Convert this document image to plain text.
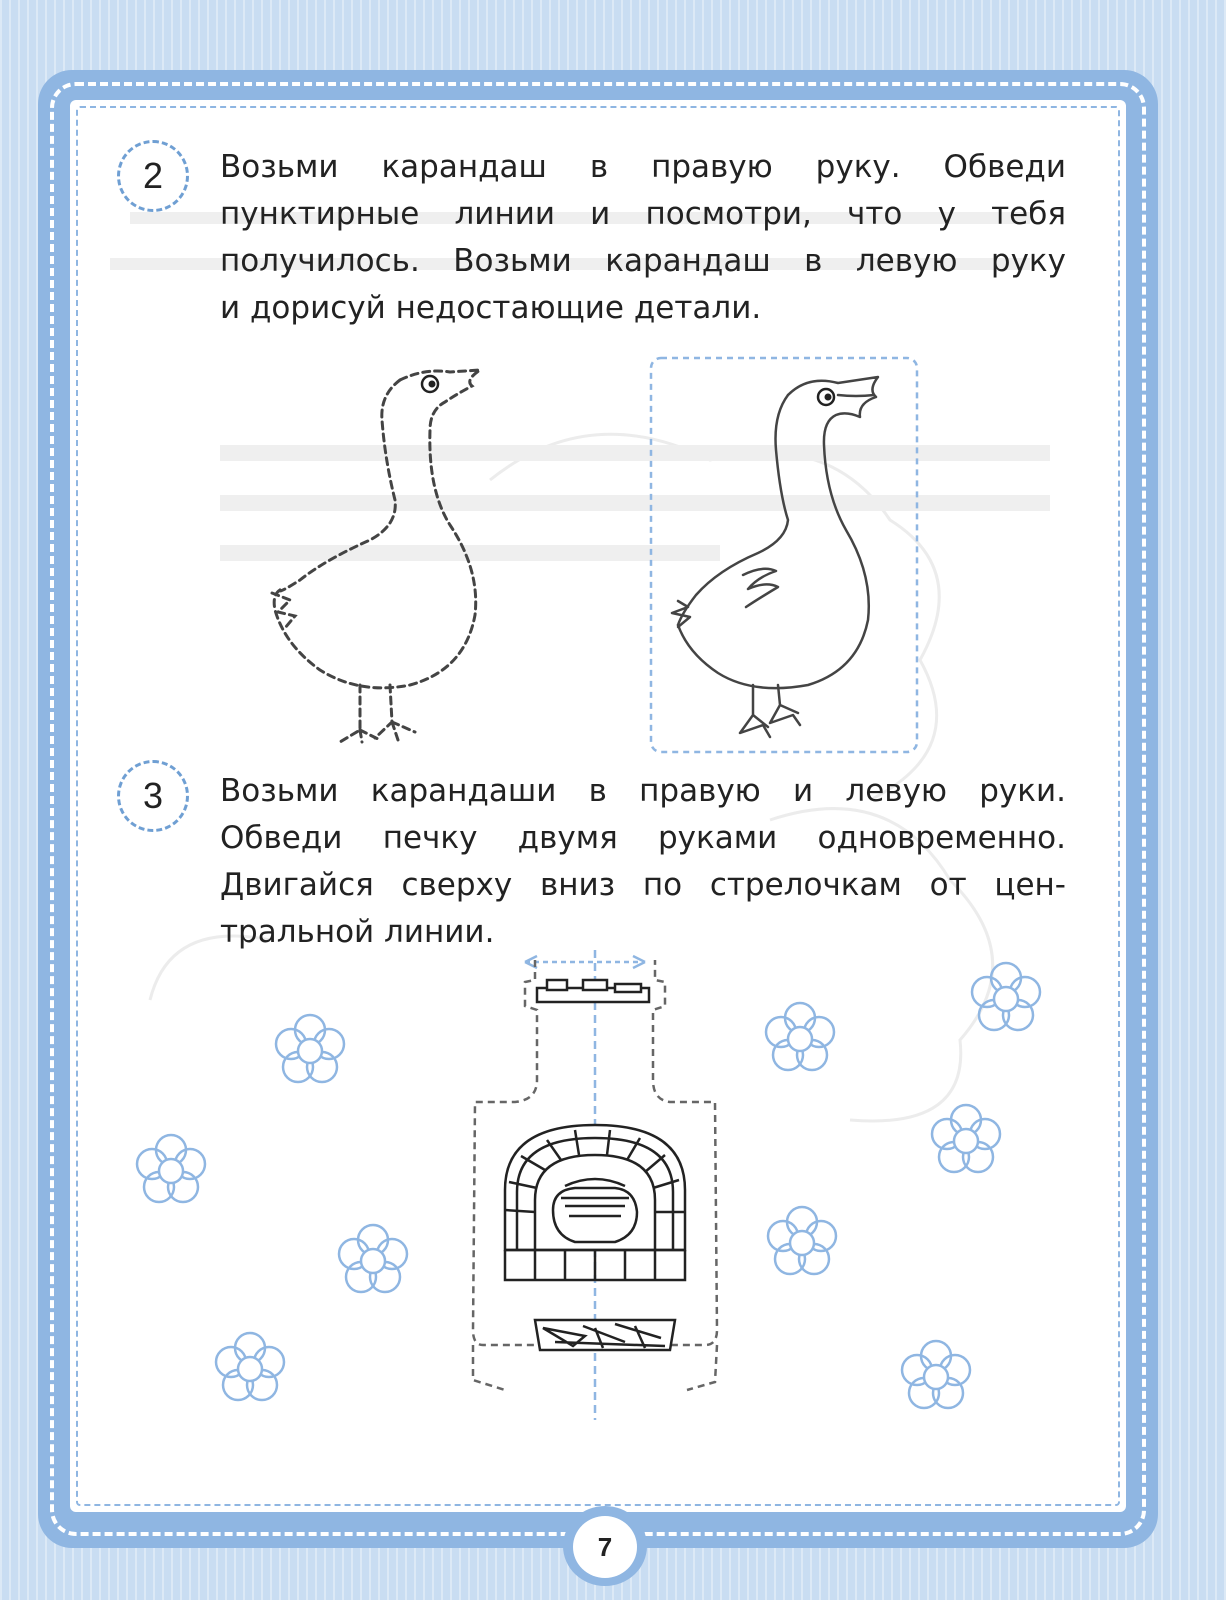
2 Возьми карандаш в правую руку. Обведи
пунктирные линии и посмотри, что у тебя
получилось. Возьми карандаш в левую руку
и дорисуй недостающие детали.
3 Возьми карандаши в правую и левую руки.
Обведи печку двумя руками одновременно.
Двигайся сверху вниз по стрелочкам от цен-
тральной линии.
7
